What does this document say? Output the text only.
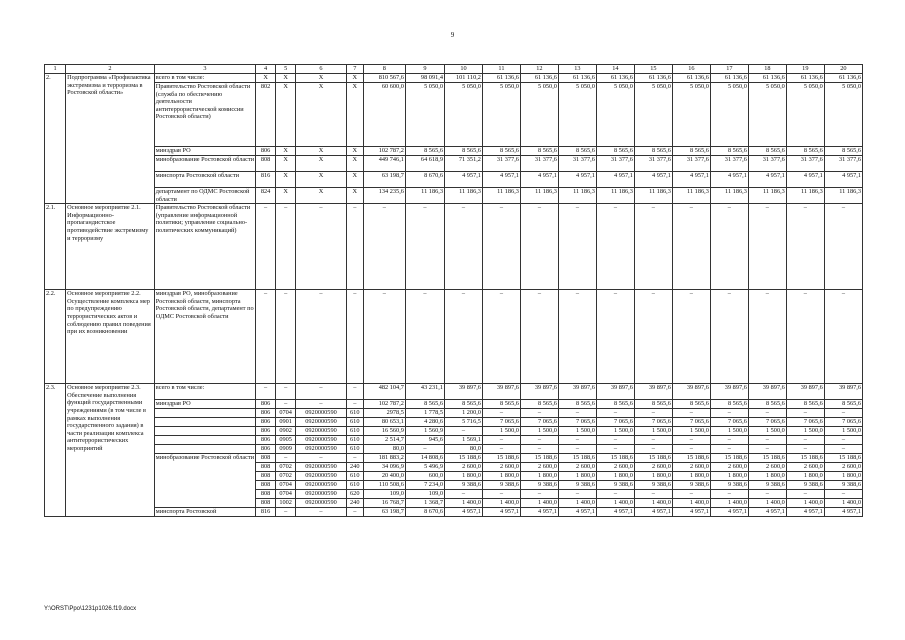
9
1	2	3	4	5	6	7	8	9	10	11	12	13	14	15	16	17	18	19	20
2.	Подпрограмма «Профилактика экстремизма и терроризма в Ростовской области»	всего в том числе:	Х	Х	Х	Х	810 567,6	98 091,4	101 110,2	61 136,6	61 136,6	61 136,6	61 136,6	61 136,6	61 136,6	61 136,6	61 136,6	61 136,6	61 136,6
		Правительство Ростовской области (служба по обеспечению деятельности антитеррористической комиссии Ростовской области)	802	Х	Х	Х	60 600,0	5 050,0	5 050,0	5 050,0	5 050,0	5 050,0	5 050,0	5 050,0	5 050,0	5 050,0	5 050,0	5 050,0	5 050,0
		минздрав РО	806	Х	Х	Х	102 787,2	8 565,6	8 565,6	8 565,6	8 565,6	8 565,6	8 565,6	8 565,6	8 565,6	8 565,6	8 565,6	8 565,6	8 565,6
		минобразование Ростовской области	808	Х	Х	Х	449 746,1	64 618,9	71 351,2	31 377,6	31 377,6	31 377,6	31 377,6	31 377,6	31 377,6	31 377,6	31 377,6	31 377,6	31 377,6
		минспорта Ростовской области	816	Х	Х	Х	63 198,7	8 670,6	4 957,1	4 957,1	4 957,1	4 957,1	4 957,1	4 957,1	4 957,1	4 957,1	4 957,1	4 957,1	4 957,1
		департамент по ОДМС Ростовской области	824	Х	Х	Х	134 235,6	11 186,3	11 186,3	11 186,3	11 186,3	11 186,3	11 186,3	11 186,3	11 186,3	11 186,3	11 186,3	11 186,3	11 186,3
2.1.	Основное мероприятие 2.1. Информационно-пропагандистское противодействие экстремизму и терроризму	Правительство Ростовской области (управление информационной политики; управление социально-политических коммуникаций)	–	–	–	–	–	–	–	–	–	–	–	–	–	–	–	–	–
2.2.	Основное мероприятие 2.2. Осуществление комплекса мер по предупреждению террористических актов и соблюдению правил поведения при их возникновении	минздрав РО, минобразование Ростовской области, минспорта Ростовской области, департамент по ОДМС Ростовской области	–	–	–	–	–	–	–	–	–	–	–	–	–	–	–	–	–
2.3.	Основное мероприятие 2.3. Обеспечение выполнения функций государственными учреждениями (в том числе в рамках выполнения государственного задания) в части реализации комплекса антитеррористических мероприятий	всего в том числе:	–	–	–	–	482 104,7	43 231,1	39 897,6	39 897,6	39 897,6	39 897,6	39 897,6	39 897,6	39 897,6	39 897,6	39 897,6	39 897,6	39 897,6
		минздрав РО	806	–	–	–	102 787,2	8 565,6	8 565,6	8 565,6	8 565,6	8 565,6	8 565,6	8 565,6	8 565,6	8 565,6	8 565,6	8 565,6	8 565,6
			806	0704	0920000590	610	2978,5	1 778,5	1 200,0	–	–	–	–	–	–	–	–	–	–
			806	0901	0920000590	610	80 653,1	4 280,6	5 716,5	7 065,6	7 065,6	7 065,6	7 065,6	7 065,6	7 065,6	7 065,6	7 065,6	7 065,6	7 065,6
			806	0902	0920000590	610	16 560,9	1 560,9	–	1 500,0	1 500,0	1 500,0	1 500,0	1 500,0	1 500,0	1 500,0	1 500,0	1 500,0	1 500,0
			806	0905	0920000590	610	2 514,7	945,6	1 569,1	–	–	–	–	–	–	–	–	–	–
			806	0909	0920000590	610	80,0	–	80,0	–	–	–	–	–	–	–	–	–	–
		минобразование Ростовской области	808	–	–	–	181 883,2	14 808,6	15 188,6	15 188,6	15 188,6	15 188,6	15 188,6	15 188,6	15 188,6	15 188,6	15 188,6	15 188,6	15 188,6
			808	0702	0920000590	240	34 096,9	5 496,9	2 600,0	2 600,0	2 600,0	2 600,0	2 600,0	2 600,0	2 600,0	2 600,0	2 600,0	2 600,0	2 600,0
			808	0702	0920000590	610	20 400,0	600,0	1 800,0	1 800,0	1 800,0	1 800,0	1 800,0	1 800,0	1 800,0	1 800,0	1 800,0	1 800,0	1 800,0
			808	0704	0920000590	610	110 508,6	7 234,0	9 388,6	9 388,6	9 388,6	9 388,6	9 388,6	9 388,6	9 388,6	9 388,6	9 388,6	9 388,6	9 388,6
			808	0704	0920000590	620	109,0	109,0	–	–	–	–	–	–	–	–	–	–	–
			808	1002	0920000590	240	16 768,7	1 368,7	1 400,0	1 400,0	1 400,0	1 400,0	1 400,0	1 400,0	1 400,0	1 400,0	1 400,0	1 400,0	1 400,0
		минспорта Ростовской	816	–	–	–	63 198,7	8 670,6	4 957,1	4 957,1	4 957,1	4 957,1	4 957,1	4 957,1	4 957,1	4 957,1	4 957,1	4 957,1	4 957,1
Y:\ORST\Ppo\1231p1026.f19.docx
